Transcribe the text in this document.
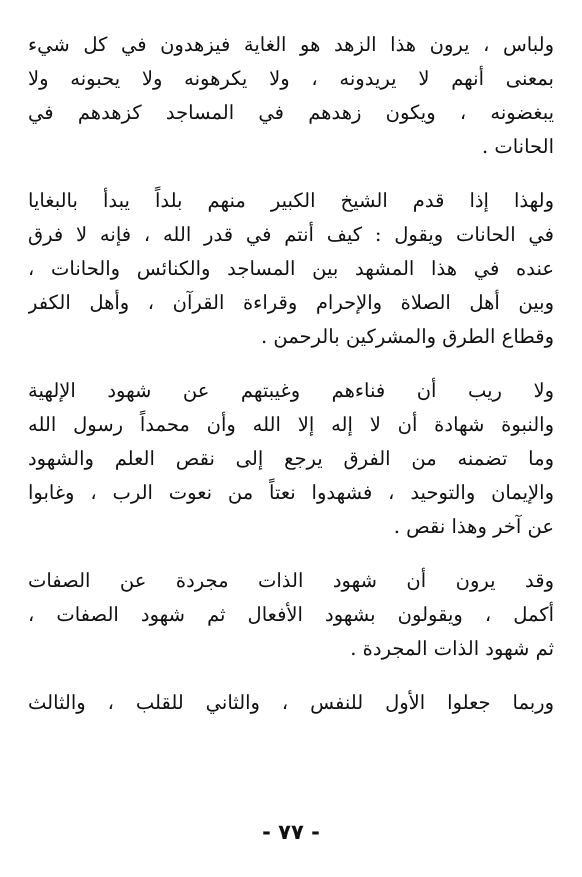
ولباس ، يرون هذا الزهد هو الغاية فيزهدون في كل شيء
بمعنى أنهم لا يريدونه ، ولا يكرهونه ولا يحبونه ولا
يبغضونه ، ويكون زهدهم في المساجد كزهدهم في
الحانات .
ولهذا إذا قدم الشيخ الكبير منهم بلداً يبدأ بالبغايا
في الحانات ويقول : كيف أنتم في قدر الله ، فإنه لا فرق
عنده في هذا المشهد بين المساجد والكنائس والحانات ،
وبين أهل الصلاة والإحرام وقراءة القرآن ، وأهل الكفر
وقطاع الطرق والمشركين بالرحمن .
ولا ريب أن فناءهم وغيبتهم عن شهود الإلهية
والنبوة شهادة أن لا إله إلا الله وأن محمداً رسول الله
وما تضمنه من الفرق يرجع إلى نقص العلم والشهود
والإيمان والتوحيد ، فشهدوا نعتاً من نعوت الرب ، وغابوا
عن آخر وهذا نقص .
وقد يرون أن شهود الذات مجردة عن الصفات
أكمل ، ويقولون بشهود الأفعال ثم شهود الصفات ،
ثم شهود الذات المجردة .
وربما جعلوا الأول للنفس ، والثاني للقلب ، والثالث
- ٧٧ -
